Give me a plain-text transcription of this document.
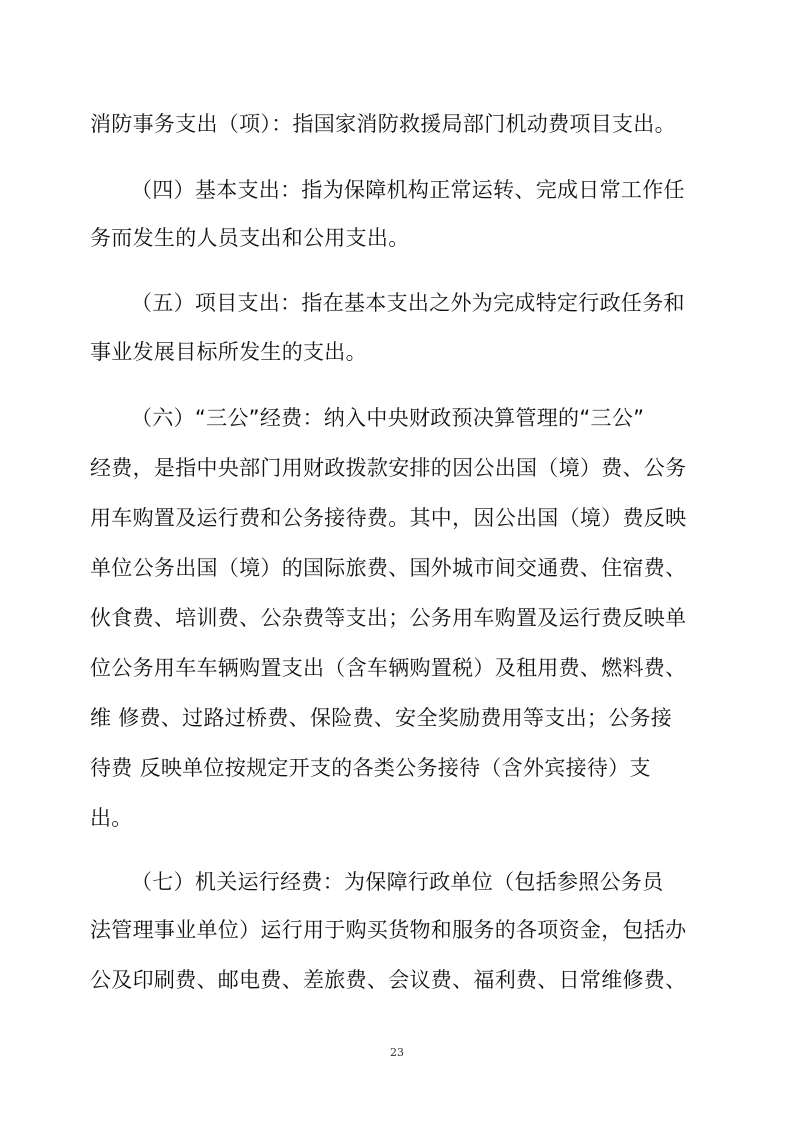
消防事务支出（项）：指国家消防救援局部门机动费项目支出。
（四）基本支出：指为保障机构正常运转、完成日常工作任
务而发生的人员支出和公用支出。
（五）项目支出：指在基本支出之外为完成特定行政任务和
事业发展目标所发生的支出。
（六）“三公”经费：纳入中央财政预决算管理的“三公”
经费，是指中央部门用财政拨款安排的因公出国（境）费、公务
用车购置及运行费和公务接待费。其中，因公出国（境）费反映
单位公务出国（境）的国际旅费、国外城市间交通费、住宿费、
伙食费、培训费、公杂费等支出；公务用车购置及运行费反映单
位公务用车车辆购置支出（含车辆购置税）及租用费、燃料费、
维 修费、过路过桥费、保险费、安全奖励费用等支出；公务接
待费 反映单位按规定开支的各类公务接待（含外宾接待）支
出。
（七）机关运行经费：为保障行政单位（包括参照公务员
法管理事业单位）运行用于购买货物和服务的各项资金，包括办
公及印刷费、邮电费、差旅费、会议费、福利费、日常维修费、
23
